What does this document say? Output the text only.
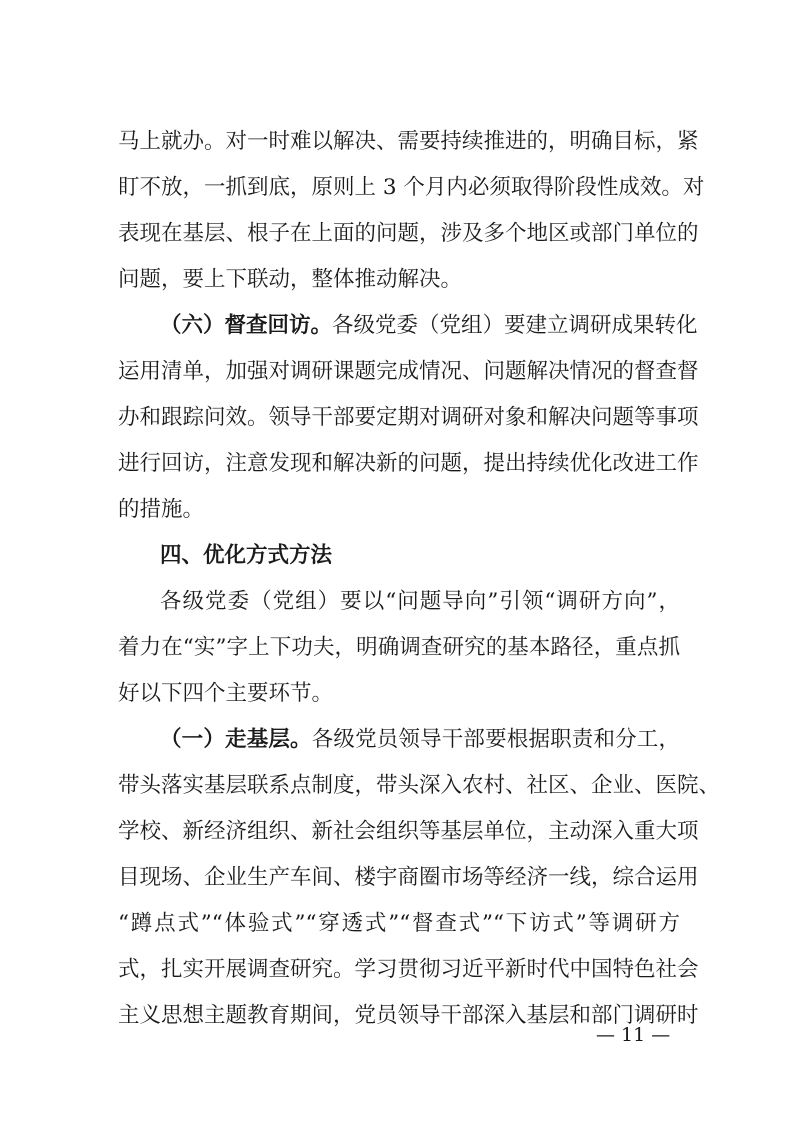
马上就办。对一时难以解决、需要持续推进的，明确目标，紧
盯不放，一抓到底，原则上 3 个月内必须取得阶段性成效。对
表现在基层、根子在上面的问题，涉及多个地区或部门单位的
问题，要上下联动，整体推动解决。
（六）督查回访。各级党委（党组）要建立调研成果转化
运用清单，加强对调研课题完成情况、问题解决情况的督查督
办和跟踪问效。领导干部要定期对调研对象和解决问题等事项
进行回访，注意发现和解决新的问题，提出持续优化改进工作
的措施。
四、优化方式方法
各级党委（党组）要以“问题导向”引领“调研方向”，
着力在“实”字上下功夫，明确调查研究的基本路径，重点抓
好以下四个主要环节。
（一）走基层。各级党员领导干部要根据职责和分工，
带头落实基层联系点制度，带头深入农村、社区、企业、医院、
学校、新经济组织、新社会组织等基层单位，主动深入重大项
目现场、企业生产车间、楼宇商圈市场等经济一线，综合运用
“蹲点式”“体验式”“穿透式”“督查式”“下访式”等调研方
式，扎实开展调查研究。学习贯彻习近平新时代中国特色社会
主义思想主题教育期间，党员领导干部深入基层和部门调研时
— 11 —
